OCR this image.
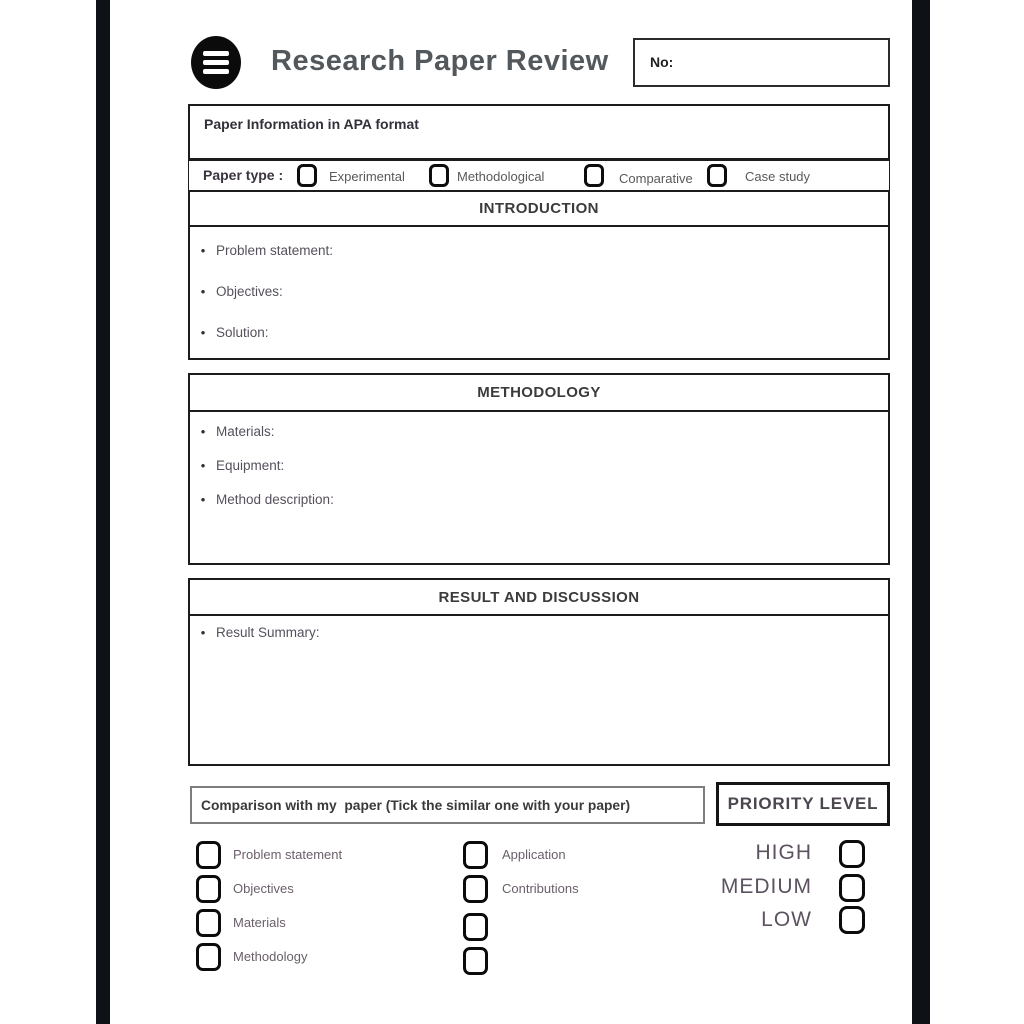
Research Paper Review	No:
Paper Information in APA format
Paper type :	Experimental	Methodological	Comparative	Case study
INTRODUCTION
• Problem statement:
• Objectives:
• Solution:
METHODOLOGY
• Materials:
• Equipment:
• Method description:
RESULT AND DISCUSSION
• Result Summary:
Comparison with my  paper (Tick the similar one with your paper)	PRIORITY LEVEL
Problem statement
Objectives
Materials
Methodology
Application
Contributions
HIGH
MEDIUM
LOW
